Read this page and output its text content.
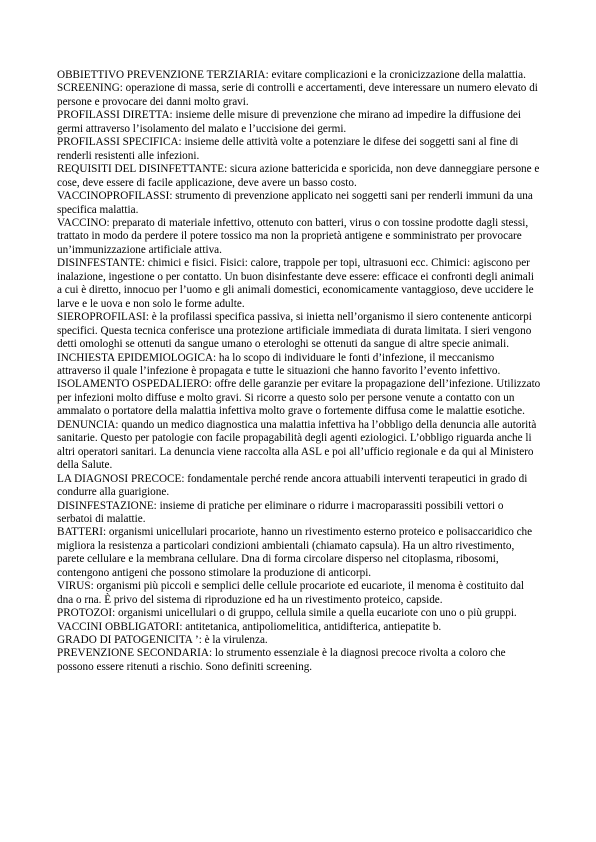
OBBIETTIVO PREVENZIONE TERZIARIA: evitare complicazioni e la cronicizzazione della malattia.

SCREENING: operazione di massa, serie di controlli e accertamenti, deve interessare un numero elevato di persone e provocare dei danni molto gravi.

PROFILASSI DIRETTA: insieme delle misure di prevenzione che mirano ad impedire la diffusione dei germi attraverso l’isolamento del malato e l’uccisione dei germi.

PROFILASSI SPECIFICA: insieme delle attività volte a potenziare le difese dei soggetti sani al fine di renderli resistenti alle infezioni.

REQUISITI DEL DISINFETTANTE: sicura azione battericida e sporicida, non deve danneggiare persone e cose, deve essere di facile applicazione, deve avere un basso costo.

VACCINOPROFILASSI: strumento di prevenzione applicato nei soggetti sani per renderli immuni da una specifica malattia.

VACCINO: preparato di materiale infettivo, ottenuto con batteri, virus o con tossine prodotte dagli stessi, trattato in modo da perdere il potere tossico ma non la proprietà antigene e somministrato per provocare un’immunizzazione artificiale attiva.

DISINFESTANTE: chimici e fisici. Fisici: calore, trappole per topi, ultrasuoni ecc. Chimici: agiscono per inalazione, ingestione o per contatto. Un buon disinfestante deve essere: efficace ei confronti degli animali a cui è diretto, innocuo per l’uomo e gli animali domestici, economicamente vantaggioso, deve uccidere le larve e le uova e non solo le forme adulte.

SIEROPROFILASI: è la profilassi specifica passiva, si inietta nell’organismo il siero contenente anticorpi specifici. Questa tecnica conferisce una protezione artificiale immediata di durata limitata. I sieri vengono detti omologhi se ottenuti da sangue umano o eterologhi se ottenuti da sangue di altre specie animali.

INCHIESTA EPIDEMIOLOGICA: ha lo scopo di individuare le fonti d’infezione, il meccanismo attraverso il quale l’infezione è propagata e tutte le situazioni che hanno favorito l’evento infettivo.

ISOLAMENTO OSPEDALIERO: offre delle garanzie per evitare la propagazione dell’infezione. Utilizzato per infezioni molto diffuse e molto gravi. Si ricorre a questo solo per persone venute a contatto con un ammalato o portatore della malattia infettiva molto grave o fortemente diffusa come le malattie esotiche.

DENUNCIA: quando un medico diagnostica una malattia infettiva ha l’obbligo della denuncia alle autorità sanitarie. Questo per patologie con facile propagabilità degli agenti eziologici. L’obbligo riguarda anche li altri operatori sanitari. La denuncia viene raccolta alla ASL e poi all’ufficio regionale e da qui al Ministero della Salute.

LA DIAGNOSI PRECOCE: fondamentale perché rende ancora attuabili interventi terapeutici in grado di condurre alla guarigione.

DISINFESTAZIONE: insieme di pratiche per eliminare o ridurre i macroparassiti possibili vettori o serbatoi di malattie.

BATTERI: organismi unicellulari procariote, hanno un rivestimento esterno proteico e polisaccaridico che migliora la resistenza a particolari condizioni ambientali (chiamato capsula). Ha un altro rivestimento, parete cellulare e la membrana cellulare. Dna di forma circolare disperso nel citoplasma, ribosomi, contengono antigeni che possono stimolare la produzione di anticorpi.

VIRUS: organismi più piccoli e semplici delle cellule procariote ed eucariote, il menoma è costituito dal dna o rna. È privo del sistema di riproduzione ed ha un rivestimento proteico, capside.

PROTOZOI: organismi unicellulari o di gruppo, cellula simile a quella eucariote con uno o più gruppi.

VACCINI OBBLIGATORI: antitetanica, antipoliomelitica, antidifterica, antiepatite b.

GRADO DI PATOGENICITA ’: è la virulenza.

PREVENZIONE SECONDARIA: lo strumento essenziale è la diagnosi precoce rivolta a coloro che possono essere ritenuti a rischio. Sono definiti screening.
